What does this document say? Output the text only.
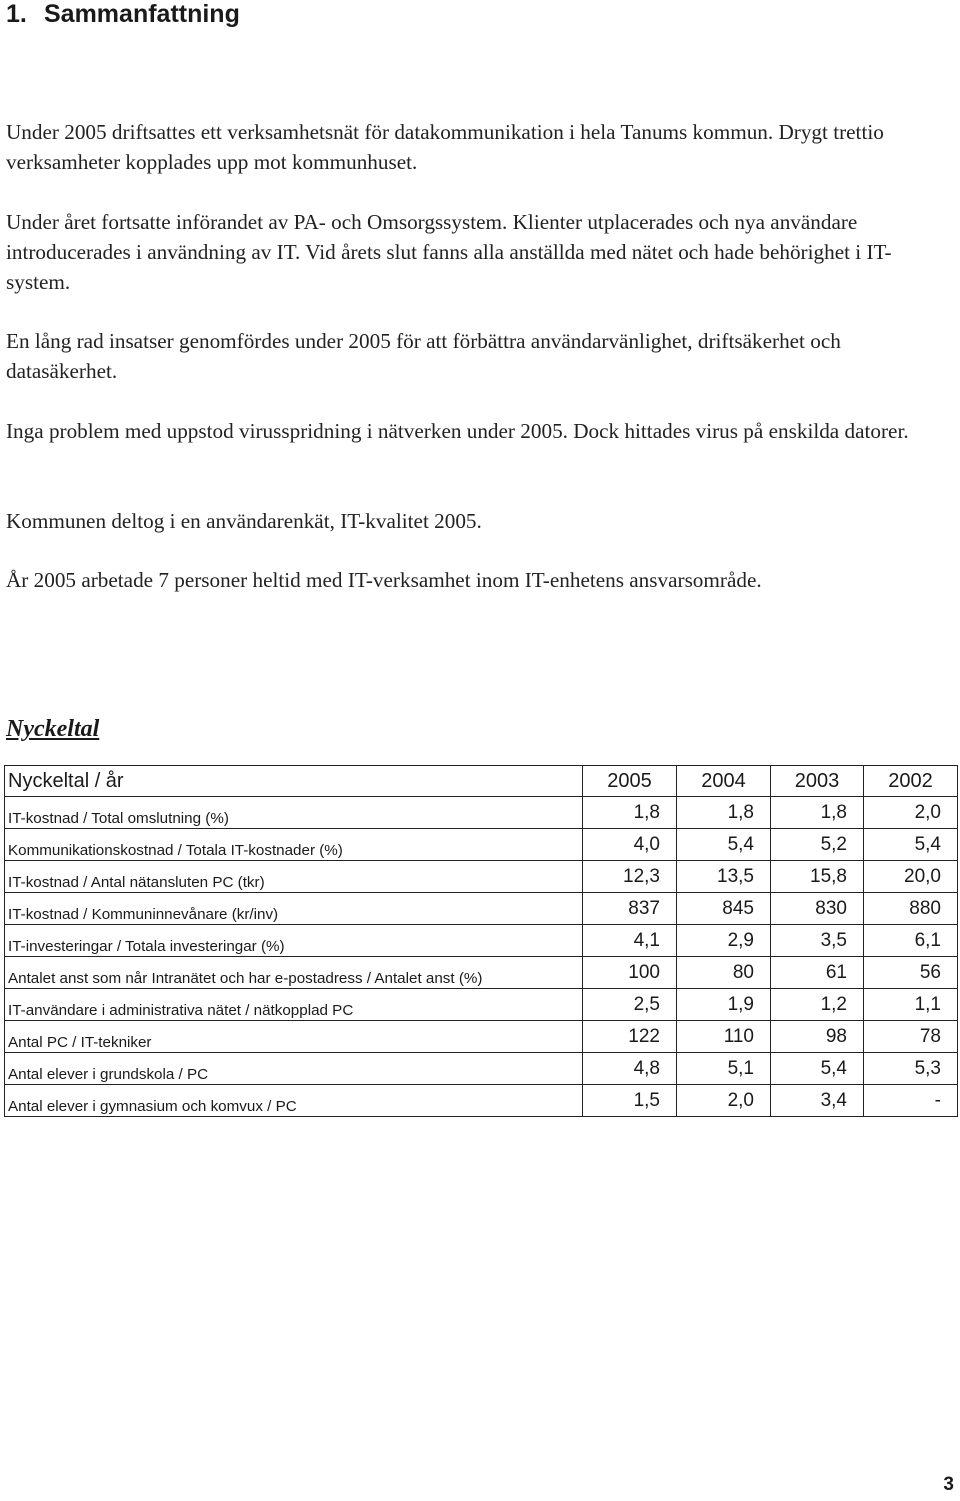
1. Sammanfattning

Under 2005 driftsattes ett verksamhetsnät för datakommunikation i hela Tanums kommun. Drygt trettio verksamheter kopplades upp mot kommunhuset.

Under året fortsatte införandet av PA- och Omsorgssystem. Klienter utplacerades och nya användare introducerades i användning av IT. Vid årets slut fanns alla anställda med nätet och hade behörighet i IT-system.

En lång rad insatser genomfördes under 2005 för att förbättra användarvänlighet, driftsäkerhet och datasäkerhet.

Inga problem med uppstod virusspridning i nätverken under 2005. Dock hittades virus på enskilda datorer.

Kommunen deltog i en användarenkät, IT-kvalitet 2005.

År 2005 arbetade 7 personer heltid med IT-verksamhet inom IT-enhetens ansvarsområde.

Nyckeltal
Nyckeltal / år	2005	2004	2003	2002
IT-kostnad / Total omslutning (%)	1,8	1,8	1,8	2,0
Kommunikationskostnad / Totala IT-kostnader (%)	4,0	5,4	5,2	5,4
IT-kostnad / Antal nätansluten PC (tkr)	12,3	13,5	15,8	20,0
IT-kostnad / Kommuninnevånare (kr/inv)	837	845	830	880
IT-investeringar / Totala investeringar (%)	4,1	2,9	3,5	6,1
Antalet anst som når Intranätet och har e-postadress / Antalet anst (%)	100	80	61	56
IT-användare i administrativa nätet / nätkopplad PC	2,5	1,9	1,2	1,1
Antal PC / IT-tekniker	122	110	98	78
Antal elever i grundskola / PC	4,8	5,1	5,4	5,3
Antal elever i gymnasium och komvux / PC	1,5	2,0	3,4	-

3
